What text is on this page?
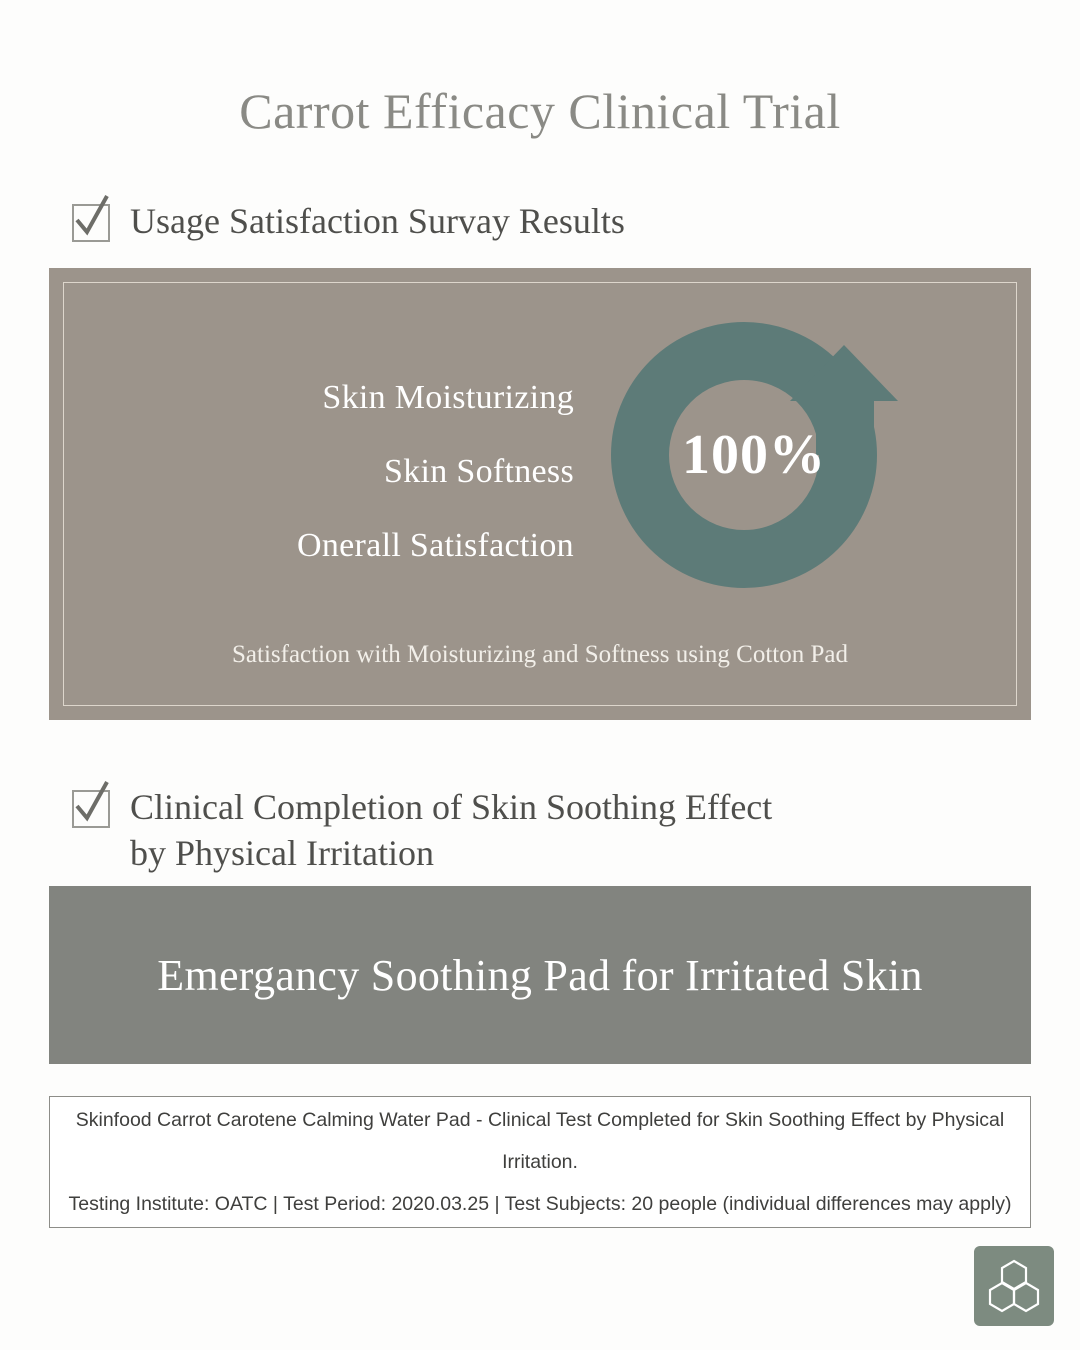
Carrot Efficacy Clinical Trial
Usage Satisfaction Survay Results
Skin Moisturizing
Skin Softness
Onerall Satisfaction
100%
Satisfaction with Moisturizing and Softness using Cotton Pad
Clinical Completion of Skin Soothing Effect
by Physical Irritation
Emergancy Soothing Pad for Irritated Skin
Skinfood Carrot Carotene Calming Water Pad - Clinical Test Completed for Skin Soothing Effect by Physical Irritation.
Testing Institute: OATC | Test Period: 2020.03.25 | Test Subjects: 20 people (individual differences may apply)
